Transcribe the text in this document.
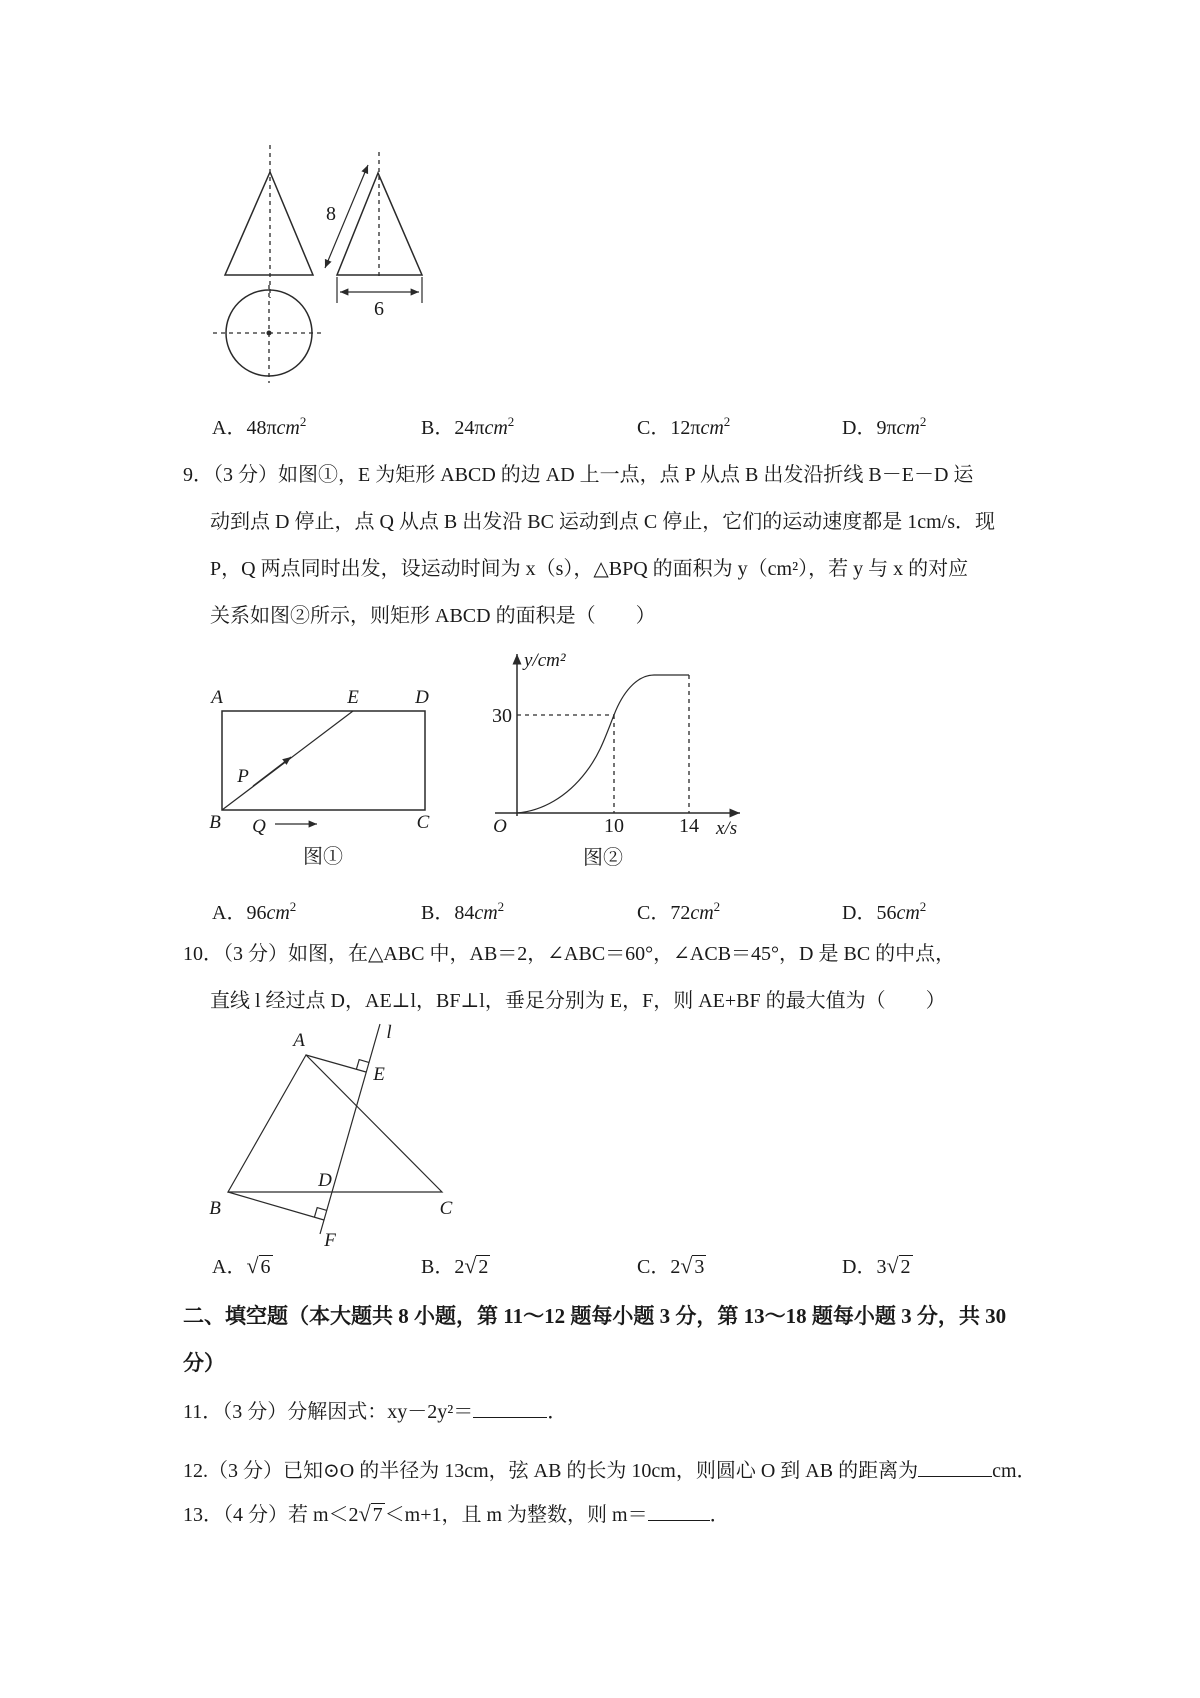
8
6
A．48πcm$^2$	B．24πcm$^2$	C．12πcm$^2$	D．9πcm$^2$
9．（3 分）如图①，E 为矩形 ABCD 的边 AD 上一点，点 P 从点 B 出发沿折线 B－E－D 运
动到点 D 停止，点 Q 从点 B 出发沿 BC 运动到点 C 停止，它们的运动速度都是 1cm/s．现
P，Q 两点同时出发，设运动时间为 x（s），△BPQ 的面积为 y（cm²），若 y 与 x 的对应
关系如图②所示，则矩形 ABCD 的面积是（　　）
A	E	D
B	C
P
Q
图①
y/cm²
30
O	10	14 x/s
图②
A．$96cm^2$	B．$84cm^2$	C．$72cm^2$	D．$56cm^2$
10．（3 分）如图，在△ABC 中，AB＝2，∠ABC＝60°，∠ACB＝45°，D 是 BC 的中点，
直线 l 经过点 D，AE⊥l，BF⊥l，垂足分别为 E，F，则 AE+BF 的最大值为（　　）
A	l
E
B
D
C
F
A．√ 6	B．2√ 2	C．2√ 3	D．3√ 2
二、填空题（本大题共 8 小题，第 11～12 题每小题 3 分，第 13～18 题每小题 3 分，共 30
分）
11．（3 分）分解因式：xy－2y²＝	．
12.（3 分）已知⊙O 的半径为 13cm，弦 AB 的长为 10cm，则圆心 O 到 AB 的距离为	cm．
13．（4 分）若 m＜2√ 7 ＜m+1，且 m 为整数，则 m＝	．
